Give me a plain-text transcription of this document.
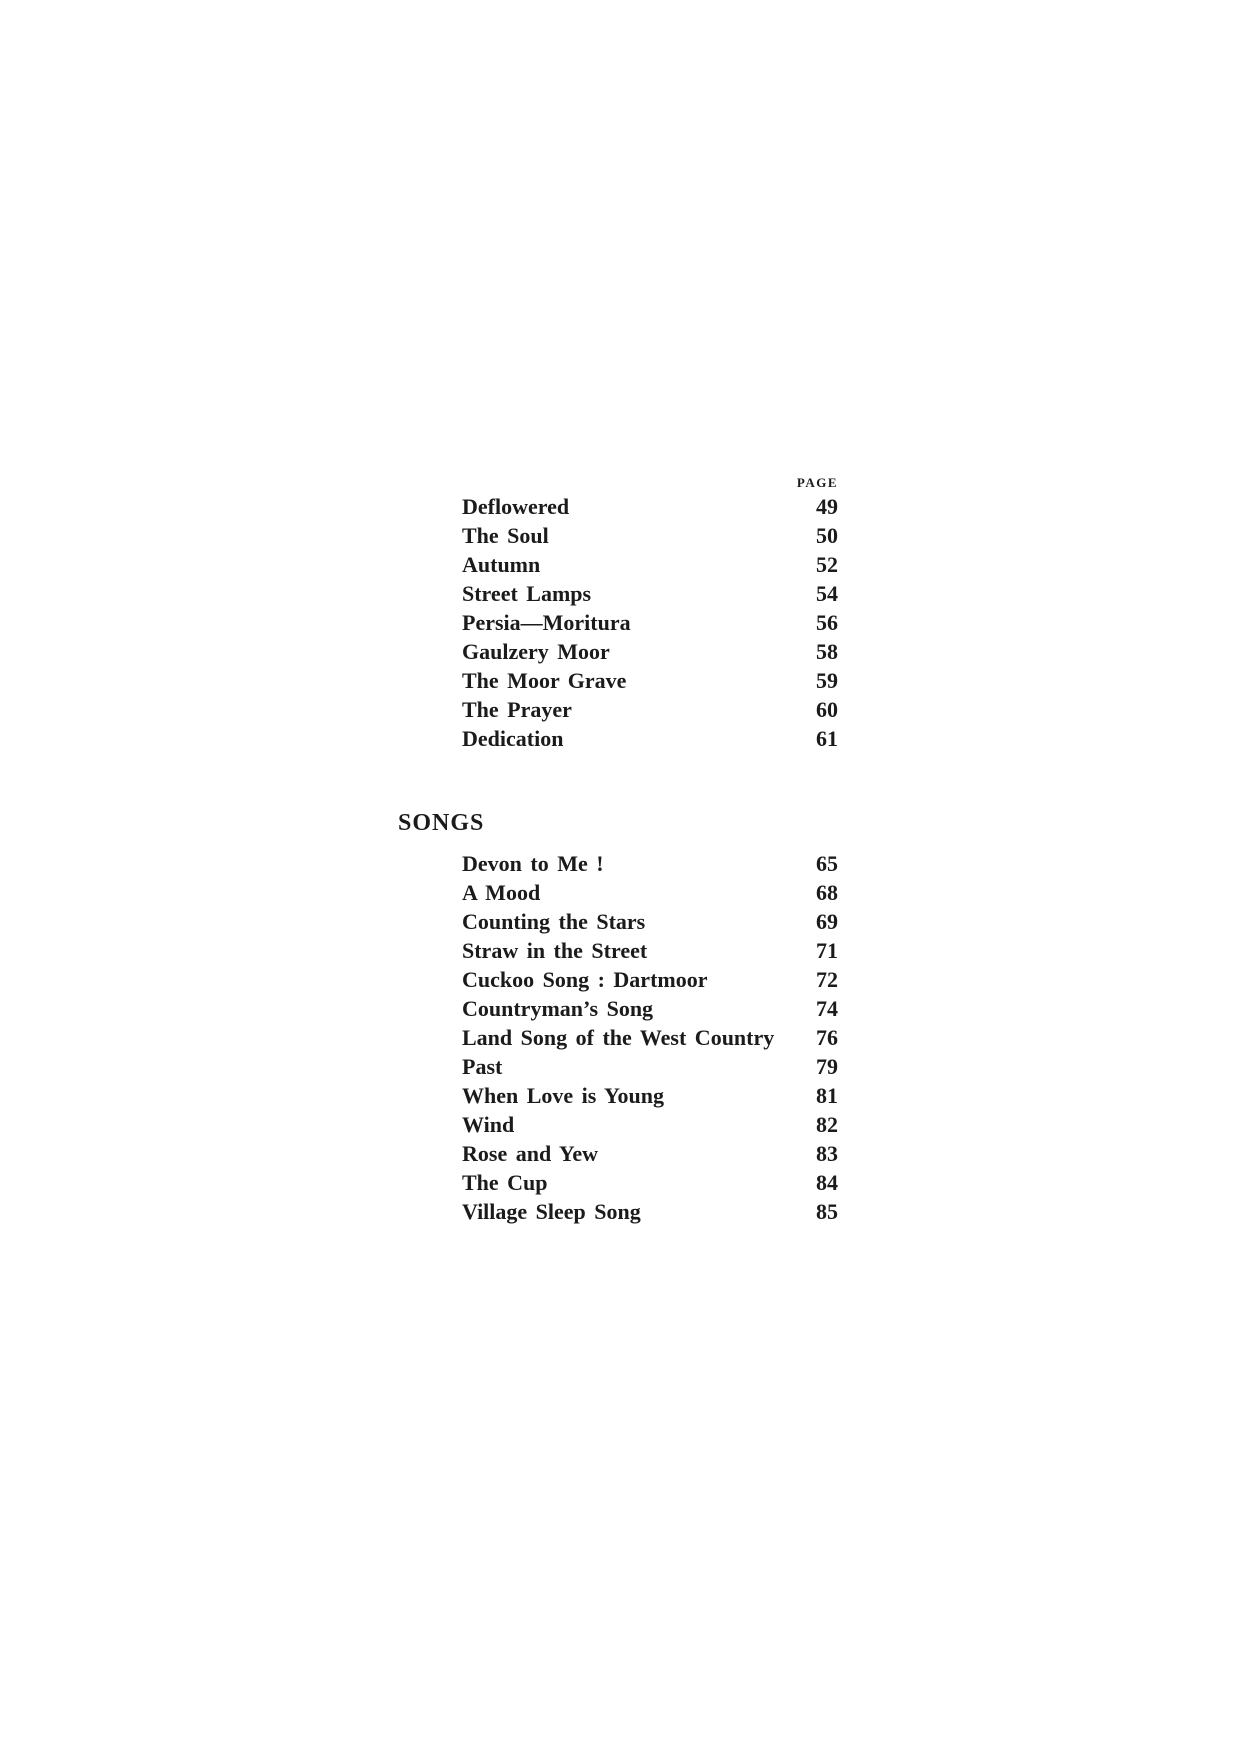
PAGE
Deflowered	49
The Soul	50
Autumn	52
Street Lamps	54
Persia—Moritura	56
Gaulzery Moor	58
The Moor Grave	59
The Prayer	60
Dedication	61
SONGS
Devon to Me !	65
A Mood	68
Counting the Stars	69
Straw in the Street	71
Cuckoo Song : Dartmoor	72
Countryman’s Song	74
Land Song of the West Country 76
Past	79
When Love is Young	81
Wind	82
Rose and Yew	83
The Cup	84
Village Sleep Song	85
